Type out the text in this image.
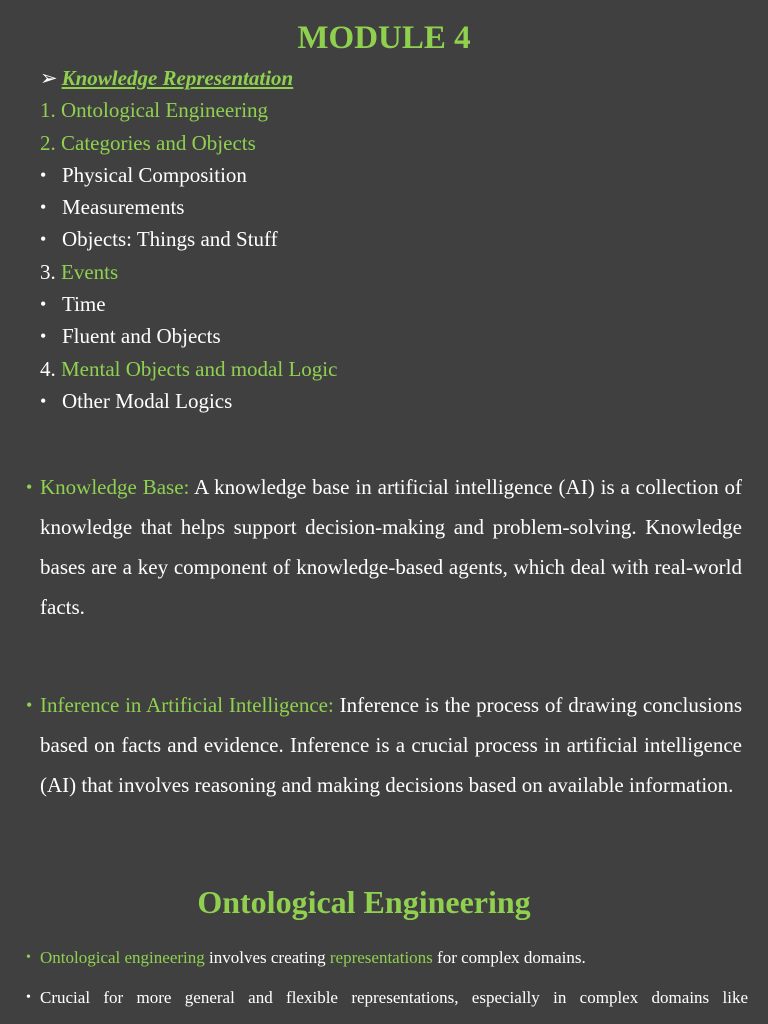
MODULE 4
➢ Knowledge Representation
1. Ontological Engineering
2. Categories and Objects
• Physical Composition
• Measurements
• Objects: Things and Stuff
3. Events
• Time
• Fluent and Objects
4. Mental Objects and modal Logic
• Other Modal Logics
• Knowledge Base: A knowledge base in artificial intelligence (AI) is a collection of knowledge that helps support decision-making and problem-solving. Knowledge bases are a key component of knowledge-based agents, which deal with real-world facts.
• Inference in Artificial Intelligence: Inference is the process of drawing conclusions based on facts and evidence. Inference is a crucial process in artificial intelligence (AI) that involves reasoning and making decisions based on available information.
Ontological Engineering
• Ontological engineering involves creating representations for complex domains.
• Crucial for more general and flexible representations, especially in complex domains like
